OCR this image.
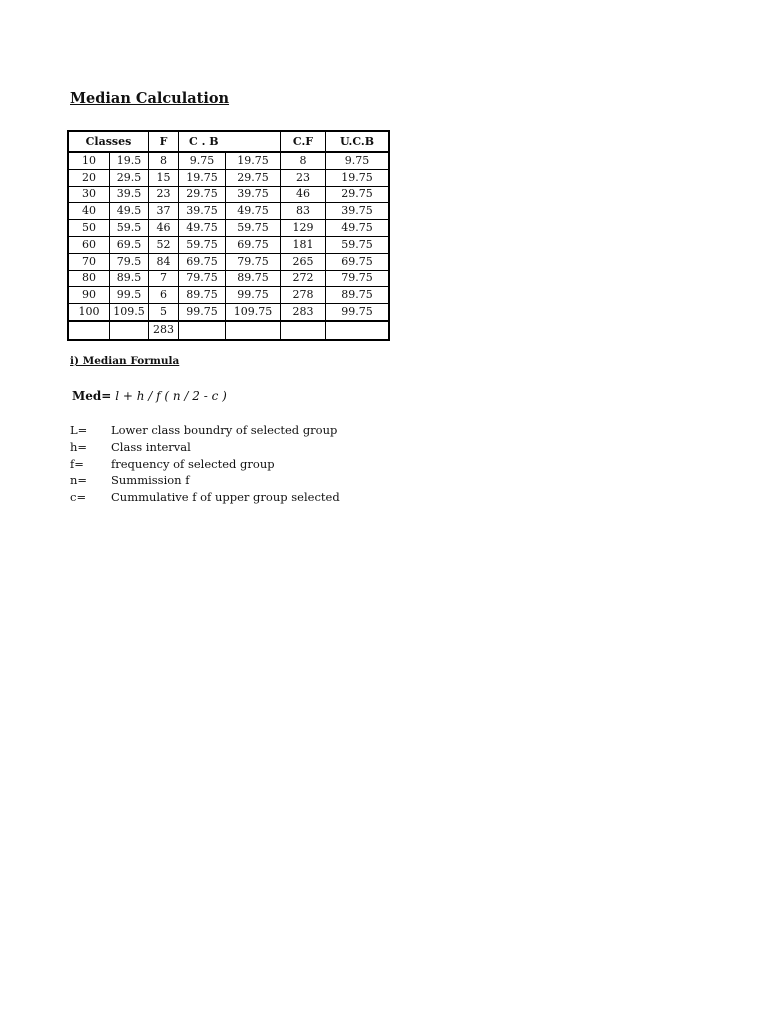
Median Calculation
Classes		F	C . B		C.F	U.C.B
10	19.5	8	9.75	19.75	8	9.75
20	29.5	15	19.75	29.75	23	19.75
30	39.5	23	29.75	39.75	46	29.75
40	49.5	37	39.75	49.75	83	39.75
50	59.5	46	49.75	59.75	129	49.75
60	69.5	52	59.75	69.75	181	59.75
70	79.5	84	69.75	79.75	265	69.75
80	89.5	7	79.75	89.75	272	79.75
90	99.5	6	89.75	99.75	278	89.75
100	109.5	5	99.75	109.75	283	99.75
		283				
i) Median Formula
Med= l + h / f ( n / 2 - c )
L=	Lower class boundry of selected group
h=	Class interval
f=	frequency of selected group
n=	Summission f
c=	Cummulative f of upper group selected
